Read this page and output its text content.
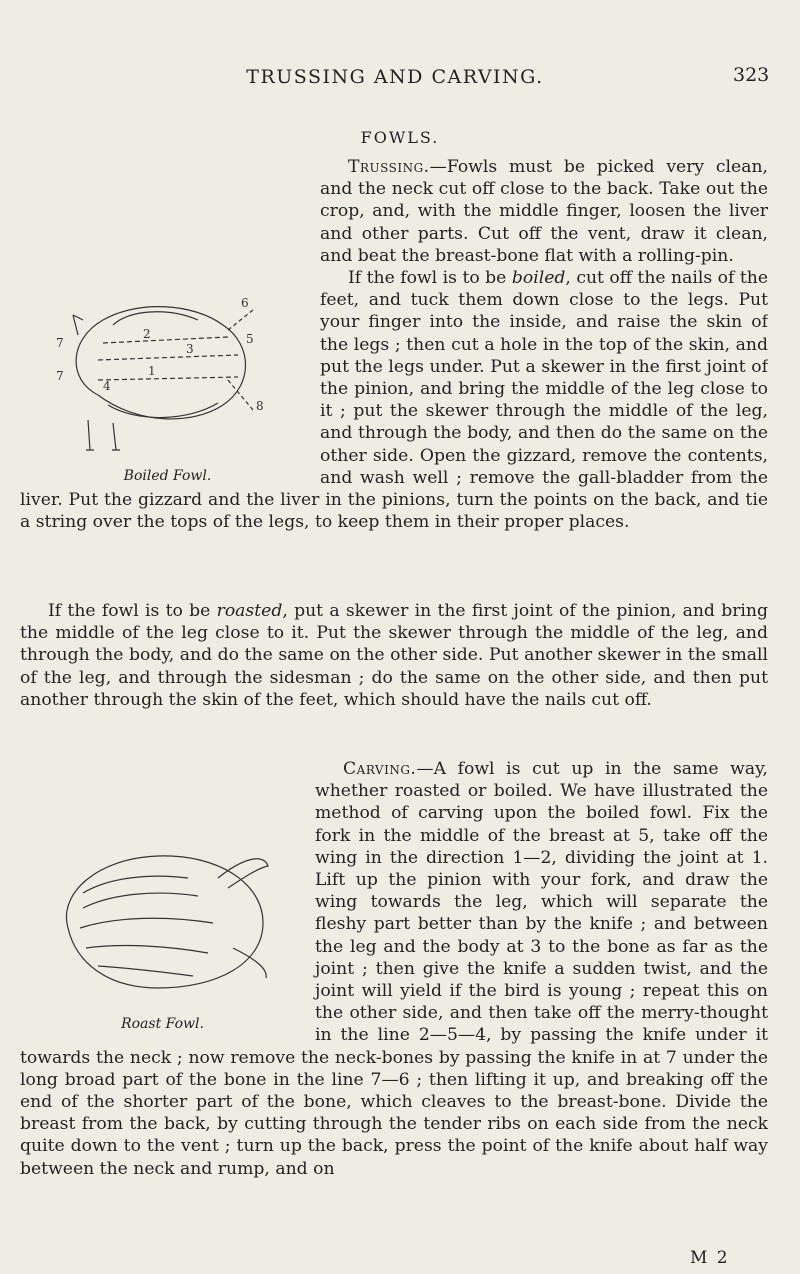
TRUSSING AND CARVING.	323
FOWLS.

Trussing.—Fowls must be picked very clean, and the neck cut off close to the back. Take out the crop, and, with the middle finger, loosen the liver and other parts. Cut off the vent, draw it clean, and beat the breast-bone flat with a rolling-pin.

If the fowl is to be boiled, cut off the nails of the feet, and tuck them down close to the legs. Put your finger into the inside, and raise the skin of the legs ; then cut a hole in the top of the skin, and put the legs under. Put a skewer in the first joint of the pinion, and bring the middle of the leg close to it ; put the skewer through the middle of the leg, and through the body, and then do the same on the other side. Open the gizzard, remove the contents, and wash well ; remove the gall-bladder from the liver. Put the gizzard and the liver in the pinions, turn the points on the back, and tie a string over the tops of the legs, to keep them in their proper places.

6
2	5
7	3
7	1
4
8
Boiled Fowl.
Roast Fowl.

If the fowl is to be roasted, put a skewer in the first joint of the pinion, and bring the middle of the leg close to it. Put the skewer through the middle of the leg, and through the body, and do the same on the other side. Put another skewer in the small of the leg, and through the sidesman ; do the same on the other side, and then put another through the skin of the feet, which should have the nails cut off.

Carving.—A fowl is cut up in the same way, whether roasted or boiled. We have illustrated the method of carving upon the boiled fowl. Fix the fork in the middle of the breast at 5, take off the wing in the direction 1—2, dividing the joint at 1. Lift up the pinion with your fork, and draw the wing towards the leg, which will separate the fleshy part better than by the knife ; and between the leg and the body at 3 to the bone as far as the joint ; then give the knife a sudden twist, and the joint will yield if the bird is young ; repeat this on the other side, and then take off the merry-thought in the line 2—5—4, by passing the knife under it towards the neck ; now remove the neck-bones by passing the knife in at 7 under the long broad part of the bone in the line 7—6 ; then lifting it up, and breaking off the end of the shorter part of the bone, which cleaves to the breast-bone. Divide the breast from the back, by cutting through the tender ribs on each side from the neck quite down to the vent ; turn up the back, press the point of the knife about half way between the neck and rump, and on

M 2
